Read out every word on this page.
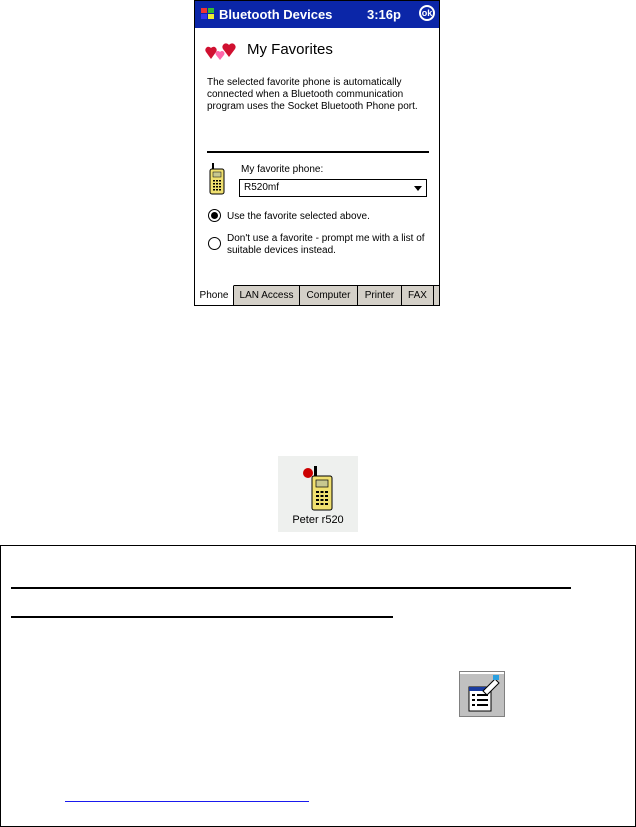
Bluetooth Devices	3:16p	ok
My Favorites
The selected favorite phone is automatically connected when a Bluetooth communication program uses the Socket Bluetooth Phone port.
My favorite phone:
R520mf
Use the favorite selected above.
Don't use a favorite - prompt me with a list of suitable devices instead.
Phone	LAN Access	Computer	Printer	FAX
Peter r520
